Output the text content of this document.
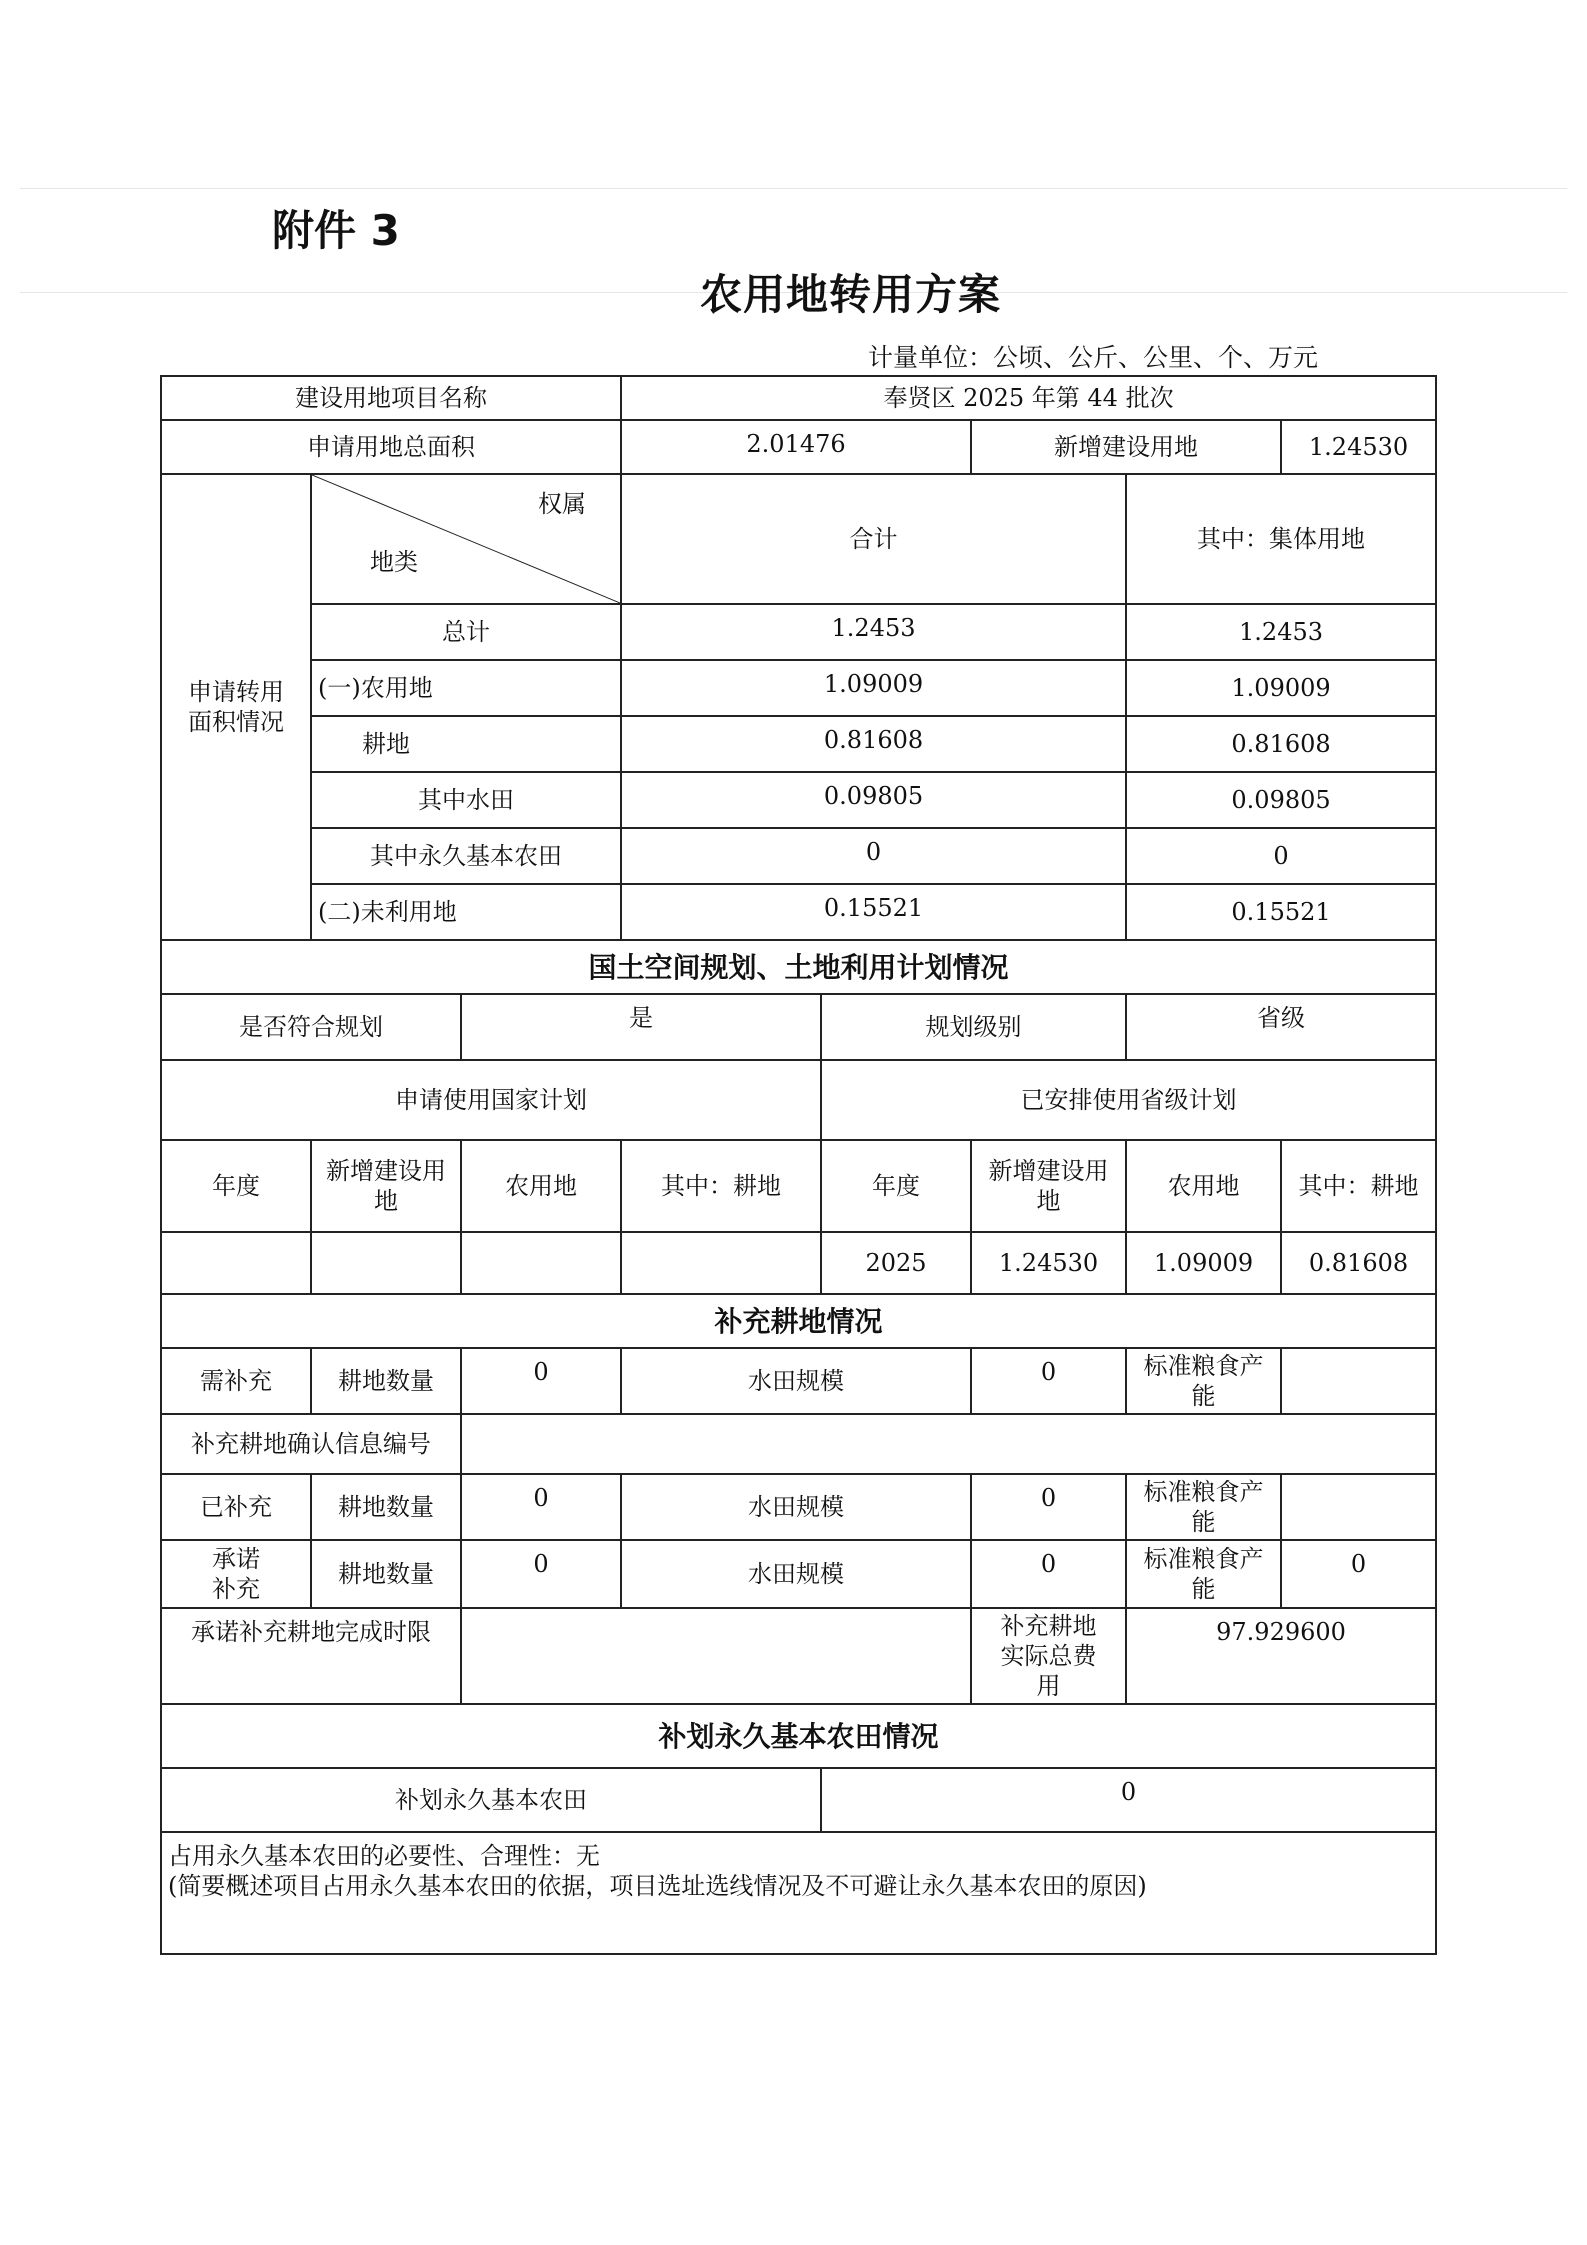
附件 3
农用地转用方案
计量单位：公顷、公斤、公里、个、万元
建设用地项目名称			奉贤区 2025 年第 44 批次				
申请用地总面积			2.01476		新增建设用地		1.24530
申请转用面积情况	权属
地类		合计			其中：集体用地	
	总计		1.2453			1.2453	
	(一)农用地		1.09009			1.09009	
	耕地		0.81608			0.81608	
	其中水田		0.09805			0.09805	
	其中永久基本农田		0			0	
	(二)未利用地		0.15521			0.15521	
国土空间规划、土地利用计划情况							
是否符合规划		是		规划级别		省级	
申请使用国家计划				已安排使用省级计划			
年度	新增建设用地	农用地	其中：耕地	年度	新增建设用地	农用地	其中：耕地
				2025	1.24530	1.09009	0.81608
补充耕地情况							
需补充	耕地数量	0	水田规模		0	标准粮食产能	
补充耕地确认信息编号							
已补充	耕地数量	0	水田规模		0	标准粮食产能	
承诺补充	耕地数量	0	水田规模		0	标准粮食产能	0
承诺补充耕地完成时限					补充耕地实际总费用	97.929600	
补划永久基本农田情况							
补划永久基本农田				0			

占用永久基本农田的必要性、合理性：无
(简要概述项目占用永久基本农田的依据，项目选址选线情况及不可避让永久基本农田的原因)							
